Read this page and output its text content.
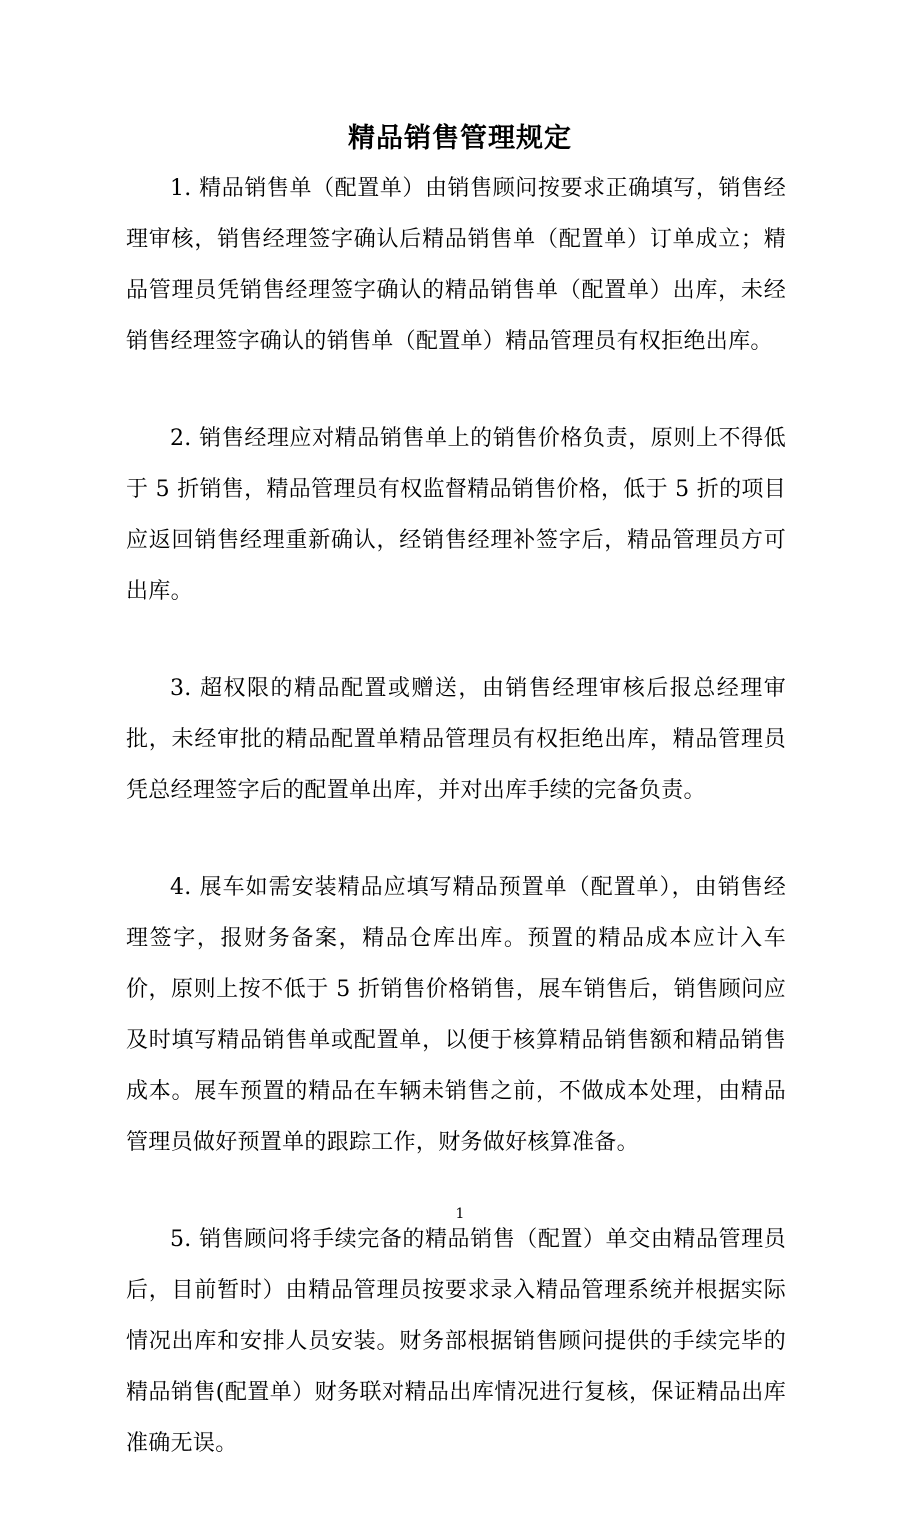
精品销售管理规定

1. 精品销售单（配置单）由销售顾问按要求正确填写，销售经理审核，销售经理签字确认后精品销售单（配置单）订单成立；精品管理员凭销售经理签字确认的精品销售单（配置单）出库，未经销售经理签字确认的销售单（配置单）精品管理员有权拒绝出库。

2. 销售经理应对精品销售单上的销售价格负责，原则上不得低于 5 折销售，精品管理员有权监督精品销售价格，低于 5 折的项目应返回销售经理重新确认，经销售经理补签字后，精品管理员方可出库。

3. 超权限的精品配置或赠送，由销售经理审核后报总经理审批，未经审批的精品配置单精品管理员有权拒绝出库，精品管理员凭总经理签字后的配置单出库，并对出库手续的完备负责。

4. 展车如需安装精品应填写精品预置单（配置单），由销售经理签字，报财务备案，精品仓库出库。预置的精品成本应计入车价，原则上按不低于 5 折销售价格销售，展车销售后，销售顾问应及时填写精品销售单或配置单，以便于核算精品销售额和精品销售成本。展车预置的精品在车辆未销售之前，不做成本处理，由精品管理员做好预置单的跟踪工作，财务做好核算准备。

5. 销售顾问将手续完备的精品销售（配置）单交由精品管理员后，目前暂时）由精品管理员按要求录入精品管理系统并根据实际情况出库和安排人员安装。财务部根据销售顾问提供的手续完毕的精品销售(配置单）财务联对精品出库情况进行复核，保证精品出库准确无误。

1
